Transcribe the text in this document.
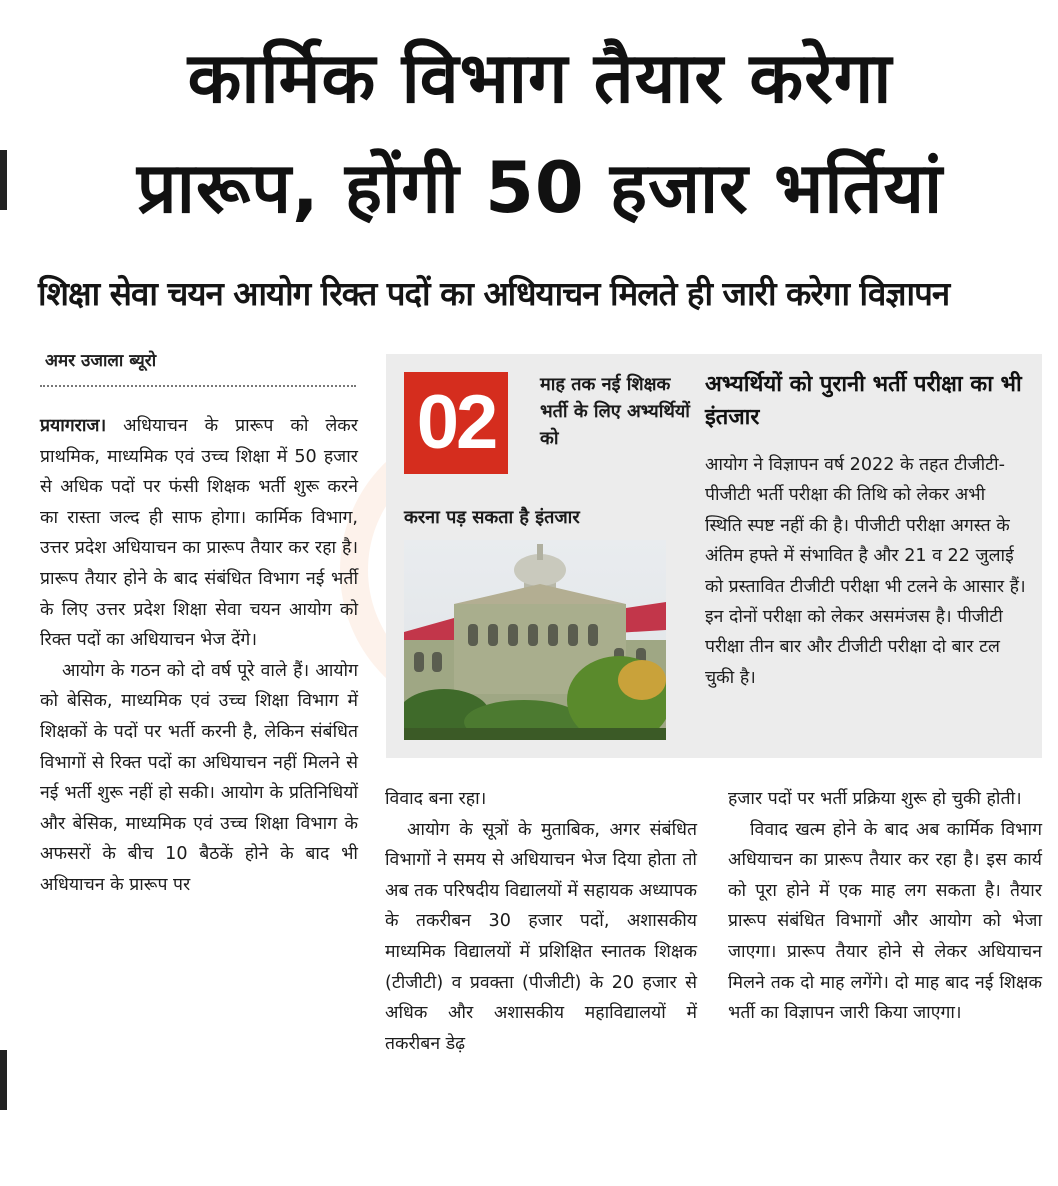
कार्मिक विभाग तैयार करेगा
प्रारूप, होंगी 50 हजार भर्तियां
शिक्षा सेवा चयन आयोग रिक्त पदों का अधियाचन मिलते ही जारी करेगा विज्ञापन
अमर उजाला ब्यूरो

प्रयागराज। अधियाचन के प्रारूप को लेकर प्राथमिक, माध्यमिक एवं उच्च शिक्षा में 50 हजार से अधिक पदों पर फंसी शिक्षक भर्ती शुरू करने का रास्ता जल्द ही साफ होगा। कार्मिक विभाग, उत्तर प्रदेश अधियाचन का प्रारूप तैयार कर रहा है। प्रारूप तैयार होने के बाद संबंधित विभाग नई भर्ती के लिए उत्तर प्रदेश शिक्षा सेवा चयन आयोग को रिक्त पदों का अधियाचन भेज देंगे।

आयोग के गठन को दो वर्ष पूरे वाले हैं। आयोग को बेसिक, माध्यमिक एवं उच्च शिक्षा विभाग में शिक्षकों के पदों पर भर्ती करनी है, लेकिन संबंधित विभागों से रिक्त पदों का अधियाचन नहीं मिलने से नई भर्ती शुरू नहीं हो सकी। आयोग के प्रतिनिधियों और बेसिक, माध्यमिक एवं उच्च शिक्षा विभाग के अफसरों के बीच 10 बैठकें होने के बाद भी अधियाचन के प्रारूप पर

02	माह तक नई शिक्षक भर्ती के लिए अभ्यर्थियों को
करना पड़ सकता है इंतजार
अभ्यर्थियों को पुरानी भर्ती परीक्षा का भी इंतजार
आयोग ने विज्ञापन वर्ष 2022 के तहत टीजीटी-पीजीटी भर्ती परीक्षा की तिथि को लेकर अभी स्थिति स्पष्ट नहीं की है। पीजीटी परीक्षा अगस्त के अंतिम हफ्ते में संभावित है और 21 व 22 जुलाई को प्रस्तावित टीजीटी परीक्षा भी टलने के आसार हैं। इन दोनों परीक्षा को लेकर असमंजस है। पीजीटी परीक्षा तीन बार और टीजीटी परीक्षा दो बार टल चुकी है।

विवाद बना रहा।

आयोग के सूत्रों के मुताबिक, अगर संबंधित विभागों ने समय से अधियाचन भेज दिया होता तो अब तक परिषदीय विद्यालयों में सहायक अध्यापक के तकरीबन 30 हजार पदों, अशासकीय माध्यमिक विद्यालयों में प्रशिक्षित स्नातक शिक्षक (टीजीटी) व प्रवक्ता (पीजीटी) के 20 हजार से अधिक और अशासकीय महाविद्यालयों में तकरीबन डेढ़

हजार पदों पर भर्ती प्रक्रिया शुरू हो चुकी होती।

विवाद खत्म होने के बाद अब कार्मिक विभाग अधियाचन का प्रारूप तैयार कर रहा है। इस कार्य को पूरा होने में एक माह लग सकता है। तैयार प्रारूप संबंधित विभागों और आयोग को भेजा जाएगा। प्रारूप तैयार होने से लेकर अधियाचन मिलने तक दो माह लगेंगे। दो माह बाद नई शिक्षक भर्ती का विज्ञापन जारी किया जाएगा।
